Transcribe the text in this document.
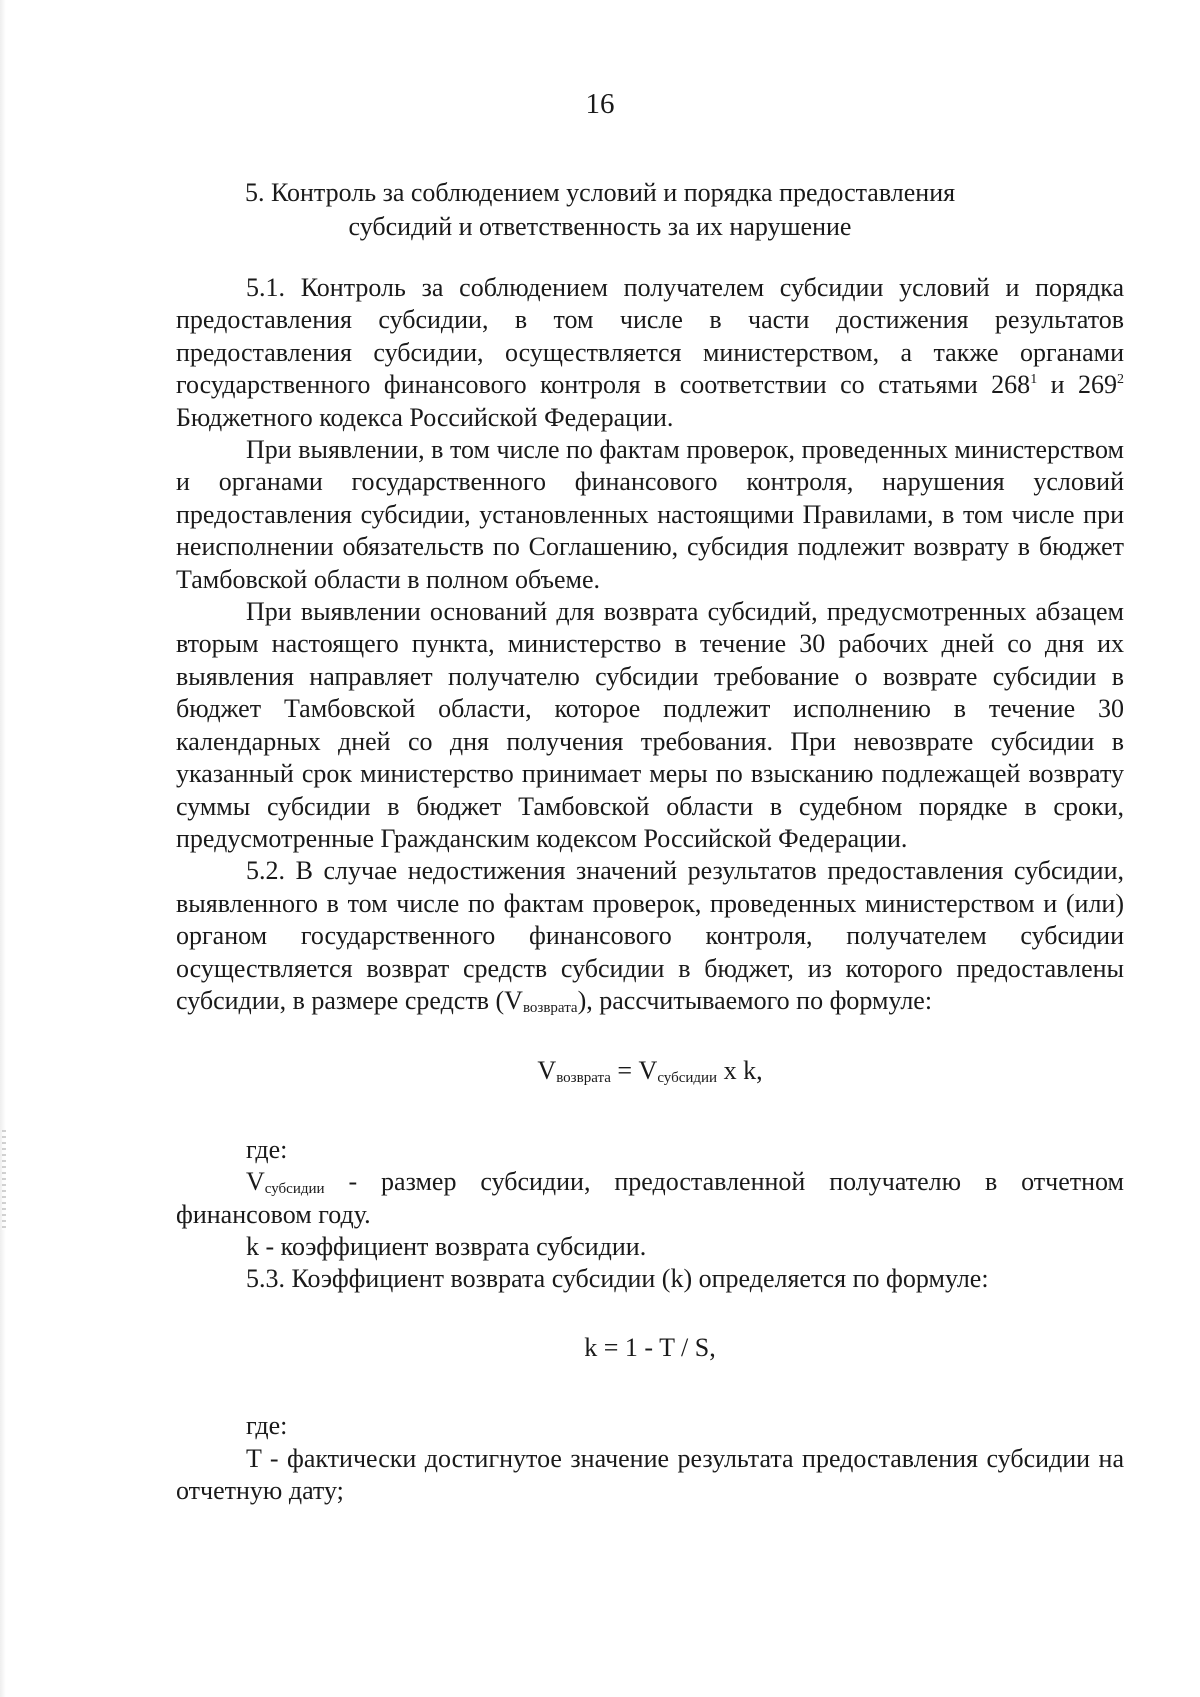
16
5. Контроль за соблюдением условий и порядка предоставления
субсидий и ответственность за их нарушение

5.1. Контроль за соблюдением получателем субсидии условий и порядка предоставления субсидии, в том числе в части достижения результатов предоставления субсидии, осуществляется министерством, а также органами государственного финансового контроля в соответствии со статьями $268^1$ и $269^2$ Бюджетного кодекса Российской Федерации.

При выявлении, в том числе по фактам проверок, проведенных министерством и органами государственного финансового контроля, нарушения условий предоставления субсидии, установленных настоящими Правилами, в том числе при неисполнении обязательств по Соглашению, субсидия подлежит возврату в бюджет Тамбовской области в полном объеме.

При выявлении оснований для возврата субсидий, предусмотренных абзацем вторым настоящего пункта, министерство в течение 30 рабочих дней со дня их выявления направляет получателю субсидии требование о возврате субсидии в бюджет Тамбовской области, которое подлежит исполнению в течение 30 календарных дней со дня получения требования. При невозврате субсидии в указанный срок министерство принимает меры по взысканию подлежащей возврату суммы субсидии в бюджет Тамбовской области в судебном порядке в сроки, предусмотренные Гражданским кодексом Российской Федерации.

5.2. В случае недостижения значений результатов предоставления субсидии, выявленного в том числе по фактам проверок, проведенных министерством и (или) органом государственного финансового контроля, получателем субсидии осуществляется возврат средств субсидии в бюджет, из которого предоставлены субсидии, в размере средств $(V_{возврата})$, рассчитываемого по формуле:

$V_{возврата} = V_{субсидии}$ x k,

где:

$V_{субсидии}$ - размер субсидии, предоставленной получателю в отчетном финансовом году.

k - коэффициент возврата субсидии.

5.3. Коэффициент возврата субсидии (k) определяется по формуле:

k = 1 - T / S,

где:

T - фактически достигнутое значение результата предоставления субсидии на отчетную дату;
